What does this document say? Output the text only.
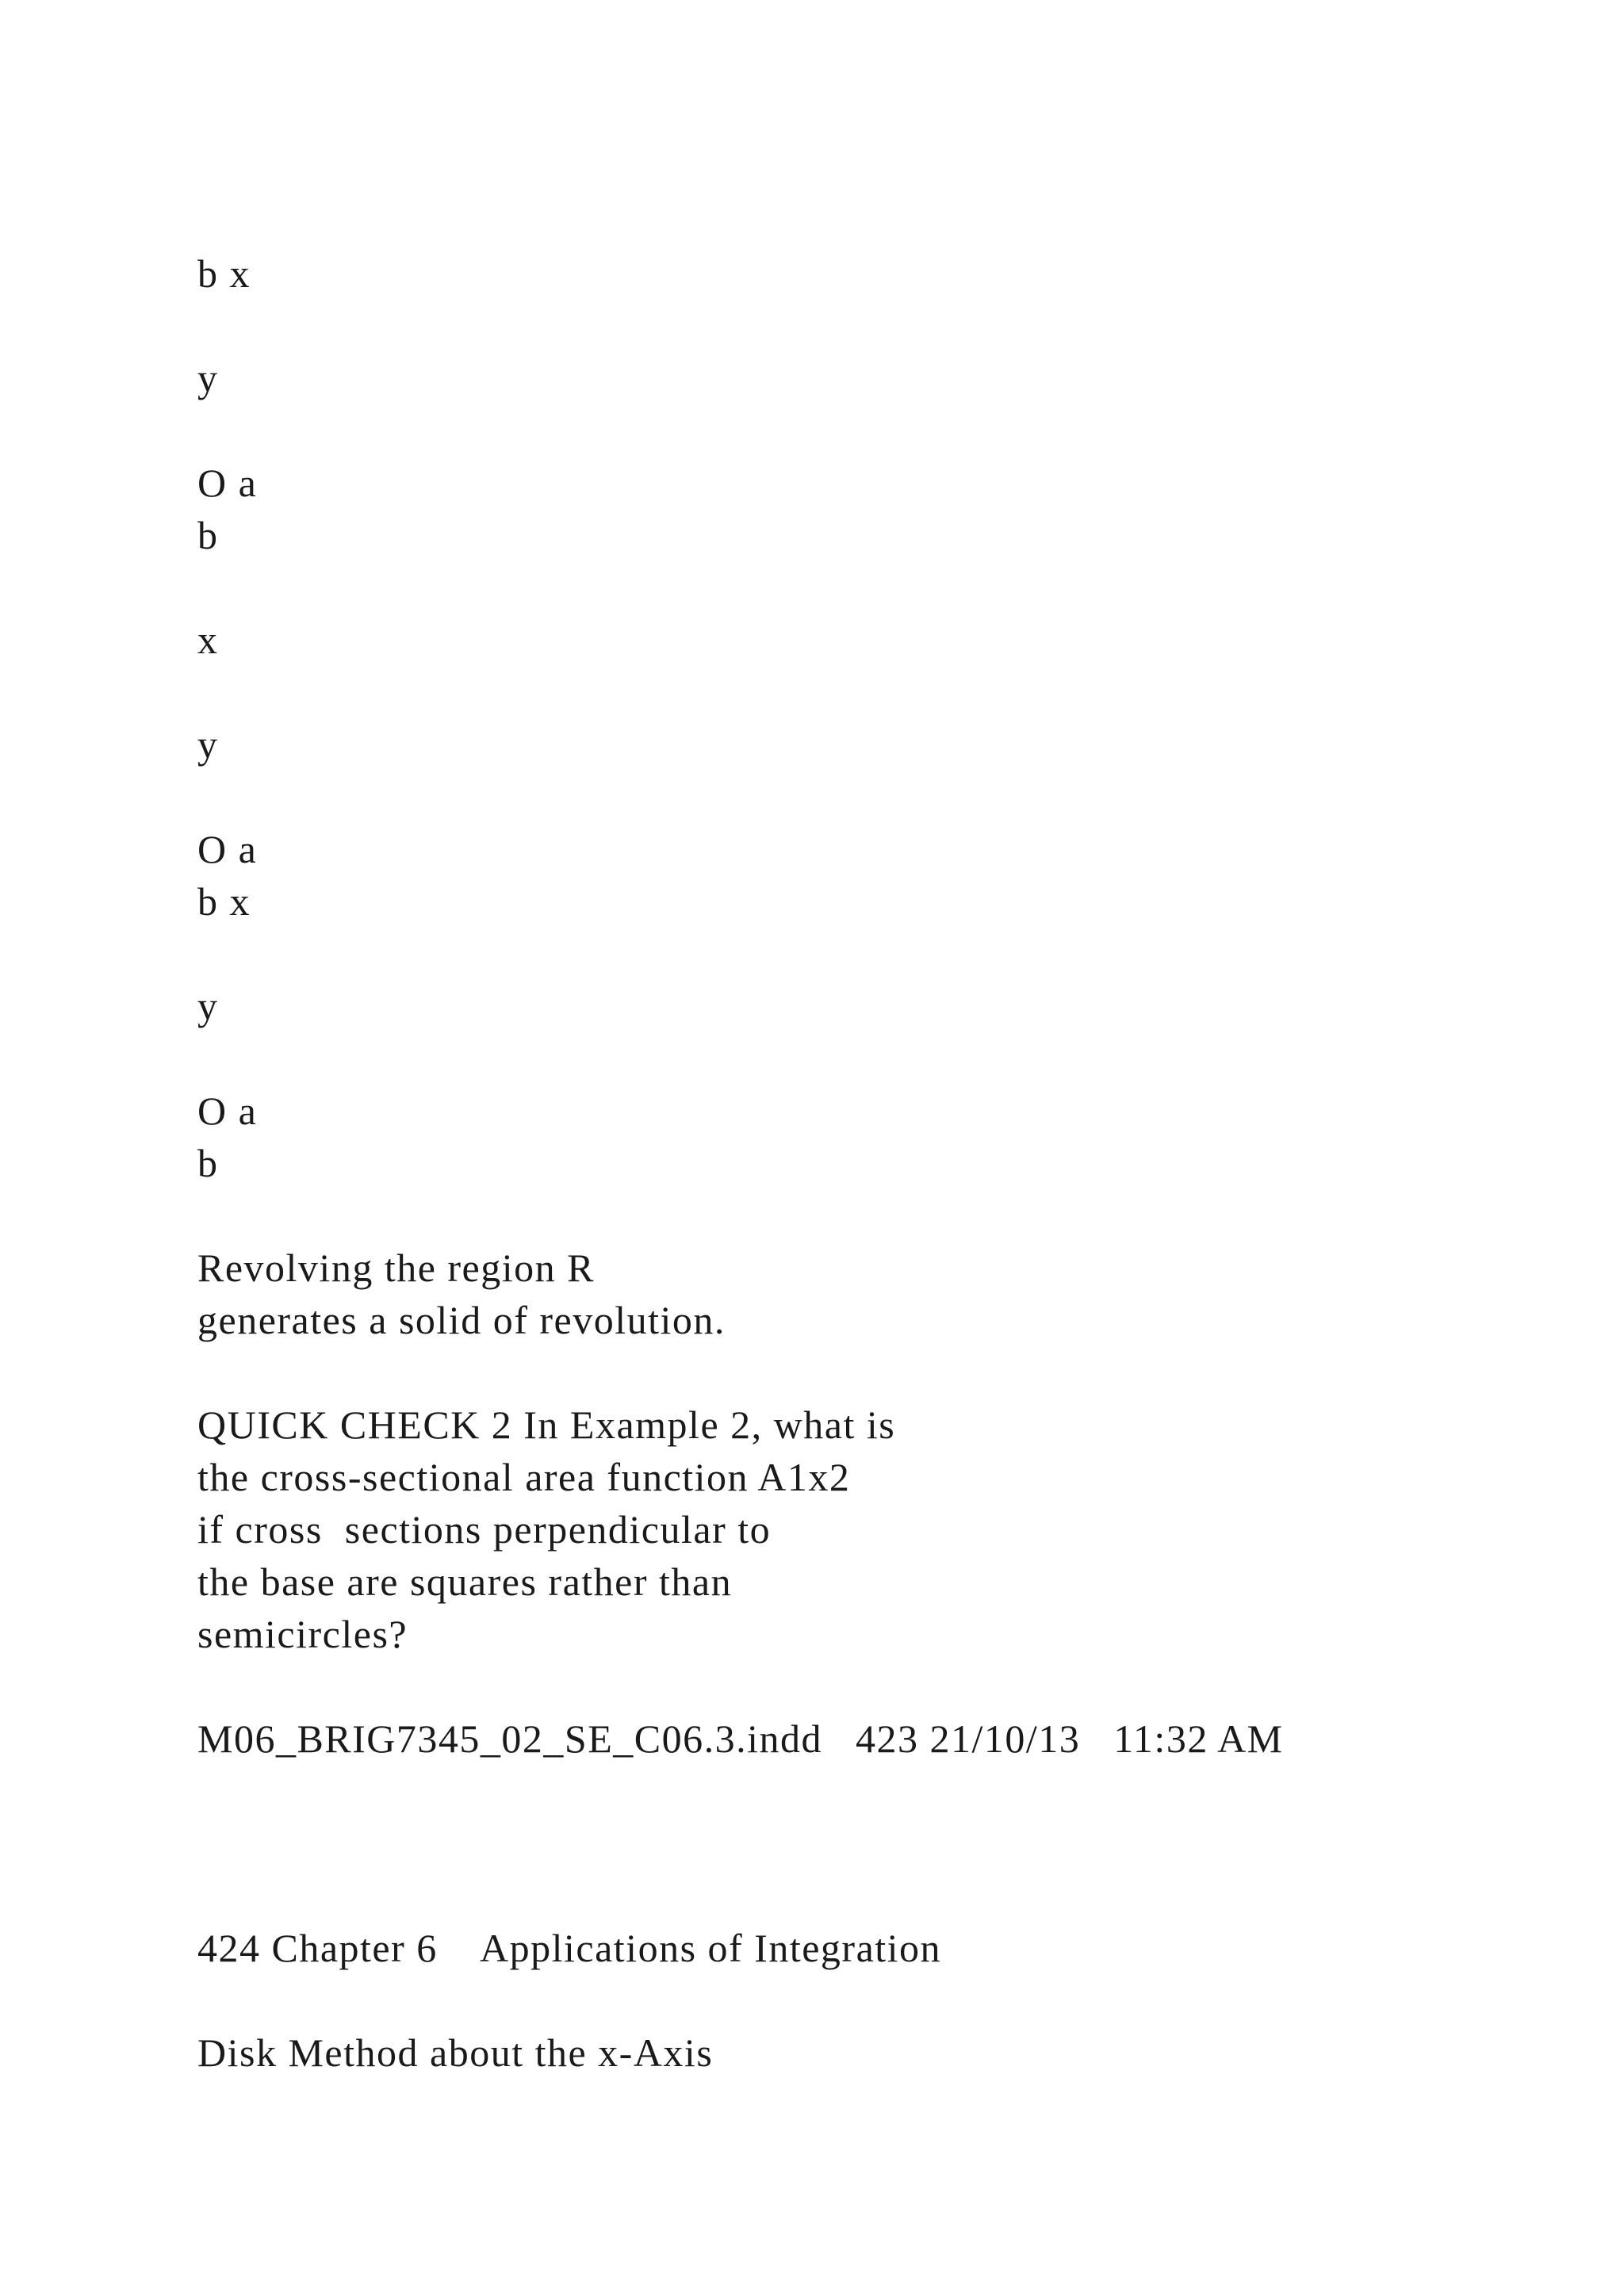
b x

y

O a

b

x

y

O a

b x

y

O a

b

Revolving the region R

generates a solid of revolution.

QUICK CHECK 2 In Example 2, what is

the cross-sectional area function A1x2

if cross  sections perpendicular to

the base are squares rather than

semicircles?

M06_BRIG7345_02_SE_C06.3.indd   423 21/10/13   11:32 AM

424 Chapter 6    Applications of Integration

Disk Method about the x-Axis
